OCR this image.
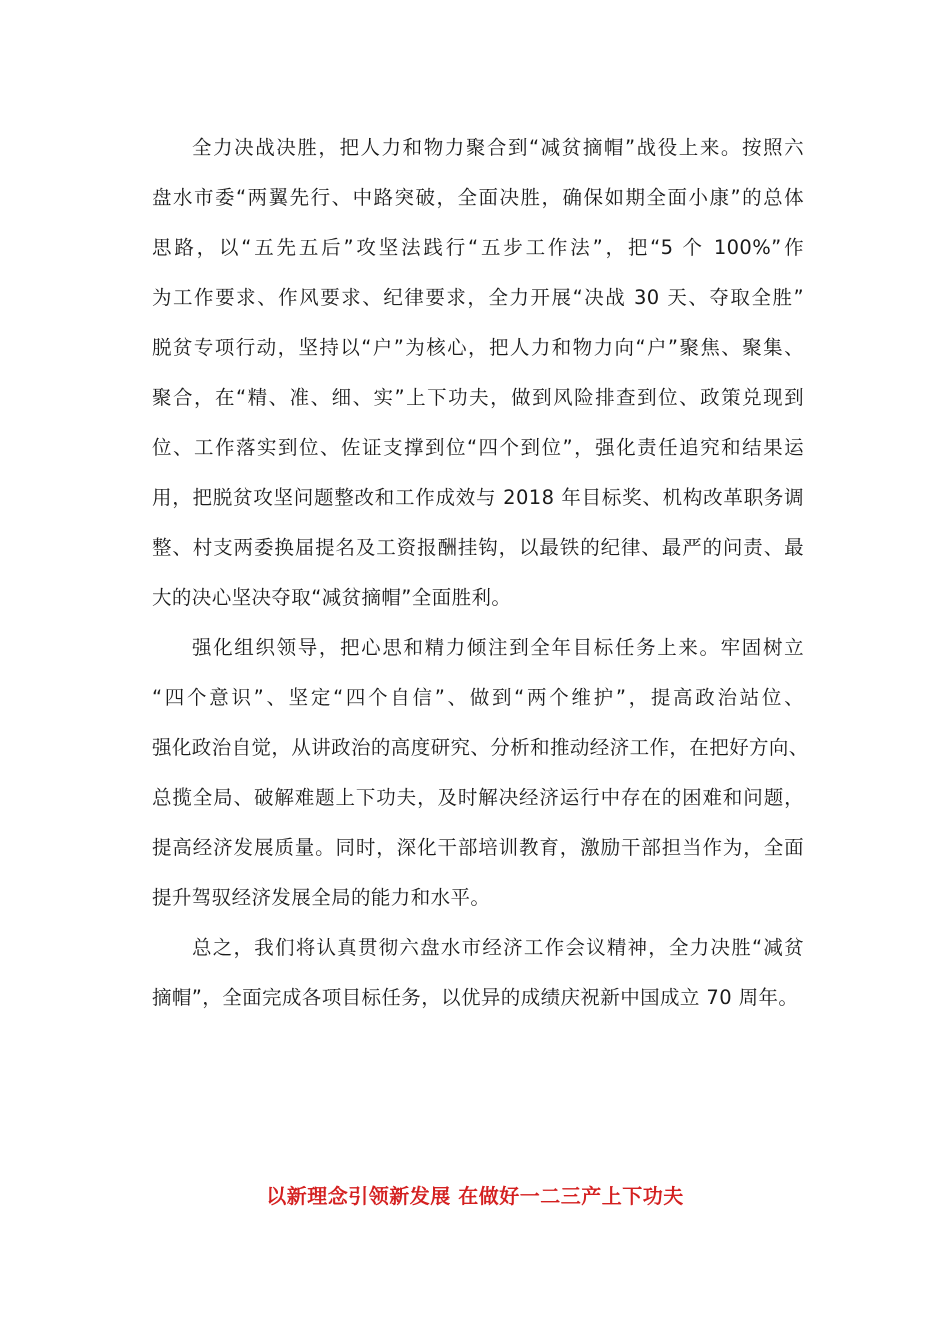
全力决战决胜，把人力和物力聚合到“减贫摘帽”战役上来。按照六
盘水市委“两翼先行、中路突破，全面决胜，确保如期全面小康”的总体
思路，以“五先五后”攻坚法践行“五步工作法”，把“5 个 100%”作
为工作要求、作风要求、纪律要求，全力开展“决战 30 天、夺取全胜”
脱贫专项行动，坚持以“户”为核心，把人力和物力向“户”聚焦、聚集、
聚合，在“精、准、细、实”上下功夫，做到风险排查到位、政策兑现到
位、工作落实到位、佐证支撑到位“四个到位”，强化责任追究和结果运
用，把脱贫攻坚问题整改和工作成效与 2018 年目标奖、机构改革职务调
整、村支两委换届提名及工资报酬挂钩，以最铁的纪律、最严的问责、最
大的决心坚决夺取“减贫摘帽”全面胜利。
强化组织领导，把心思和精力倾注到全年目标任务上来。牢固树立
“四个意识”、坚定“四个自信”、做到“两个维护”，提高政治站位、
强化政治自觉，从讲政治的高度研究、分析和推动经济工作，在把好方向、
总揽全局、破解难题上下功夫，及时解决经济运行中存在的困难和问题，
提高经济发展质量。同时，深化干部培训教育，激励干部担当作为，全面
提升驾驭经济发展全局的能力和水平。
总之，我们将认真贯彻六盘水市经济工作会议精神，全力决胜“减贫
摘帽”，全面完成各项目标任务，以优异的成绩庆祝新中国成立 70 周年。
以新理念引领新发展 在做好一二三产上下功夫
